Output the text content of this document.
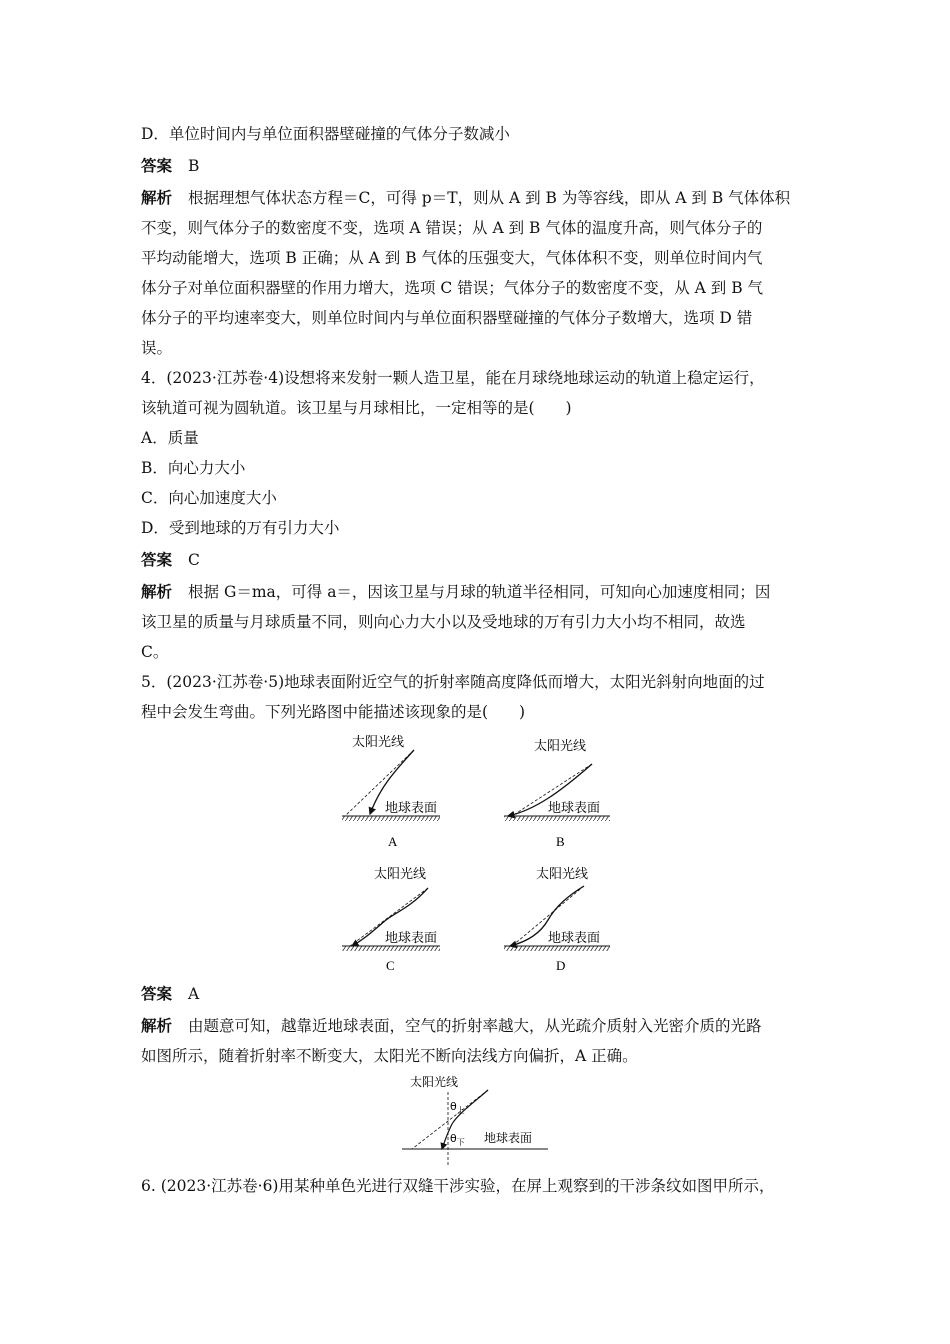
D．单位时间内与单位面积器壁碰撞的气体分子数减小
答案 B
解析 根据理想气体状态方程＝C，可得 p＝T，则从 A 到 B 为等容线，即从 A 到 B 气体体积
不变，则气体分子的数密度不变，选项 A 错误；从 A 到 B 气体的温度升高，则气体分子的
平均动能增大，选项 B 正确；从 A 到 B 气体的压强变大，气体体积不变，则单位时间内气
体分子对单位面积器壁的作用力增大，选项 C 错误；气体分子的数密度不变，从 A 到 B 气
体分子的平均速率变大，则单位时间内与单位面积器壁碰撞的气体分子数增大，选项 D 错
误。
4．(2023·江苏卷·4)设想将来发射一颗人造卫星，能在月球绕地球运动的轨道上稳定运行，
该轨道可视为圆轨道。该卫星与月球相比，一定相等的是(　　)
A．质量
B．向心力大小
C．向心加速度大小
D．受到地球的万有引力大小
答案 C
解析 根据 G＝ma，可得 a＝，因该卫星与月球的轨道半径相同，可知向心加速度相同；因
该卫星的质量与月球质量不同，则向心力大小以及受地球的万有引力大小均不相同，故选
C。
5．(2023·江苏卷·5)地球表面附近空气的折射率随高度降低而增大，太阳光斜射向地面的过
程中会发生弯曲。下列光路图中能描述该现象的是(　　)
太阳光线
地球表面
A
太阳光线
地球表面
B
太阳光线
地球表面
C
太阳光线
地球表面
D
答案 A
解析 由题意可知，越靠近地球表面，空气的折射率越大，从光疏介质射入光密介质的光路
如图所示，随着折射率不断变大，太阳光不断向法线方向偏折，A 正确。
太阳光线
$\theta_上$
$\theta_下$ 地球表面
6. (2023·江苏卷·6)用某种单色光进行双缝干涉实验，在屏上观察到的干涉条纹如图甲所示，
